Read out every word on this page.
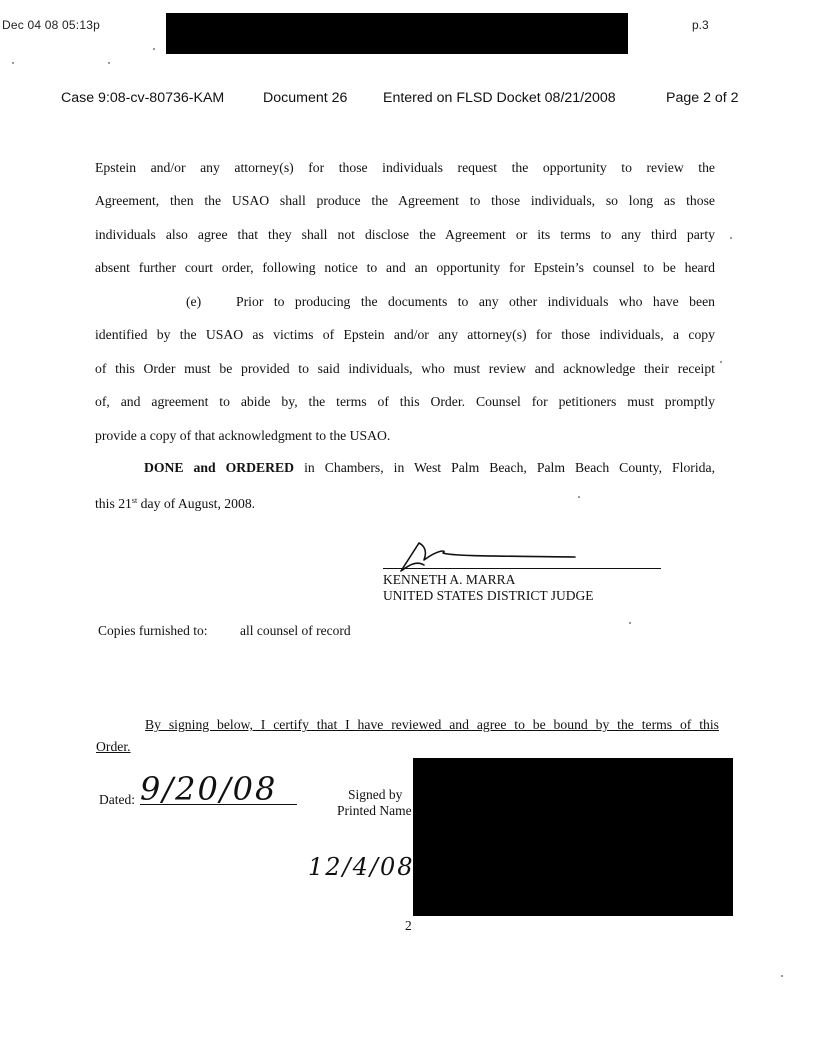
Dec 04 08 05:13p	p.3
Case 9:08-cv-80736-KAM	Document 26	Entered on FLSD Docket 08/21/2008	Page 2 of 2
Epstein and/or any attorney(s) for those individuals request the opportunity to review the
Agreement, then the USAO shall produce the Agreement to those individuals, so long as those
individuals also agree that they shall not disclose the Agreement or its terms to any third party
absent further court order, following notice to and an opportunity for Epstein’s counsel to be heard
(e)	Prior to producing the documents to any other individuals who have been
identified by the USAO as victims of Epstein and/or any attorney(s) for those individuals, a copy
of this Order must be provided to said individuals, who must review and acknowledge their receipt
of, and agreement to abide by, the terms of this Order. Counsel for petitioners must promptly
provide a copy of that acknowledgment to the USAO.
DONE and ORDERED in Chambers, in West Palm Beach, Palm Beach County, Florida,
this 21st day of August, 2008.
KENNETH A. MARRA
UNITED STATES DISTRICT JUDGE
Copies furnished to: all counsel of record
By signing below, I certify that I have reviewed and agree to be bound by the terms of this
Order.
Dated: 9/20/08	Signed by
Printed Name
12/4/08
2
